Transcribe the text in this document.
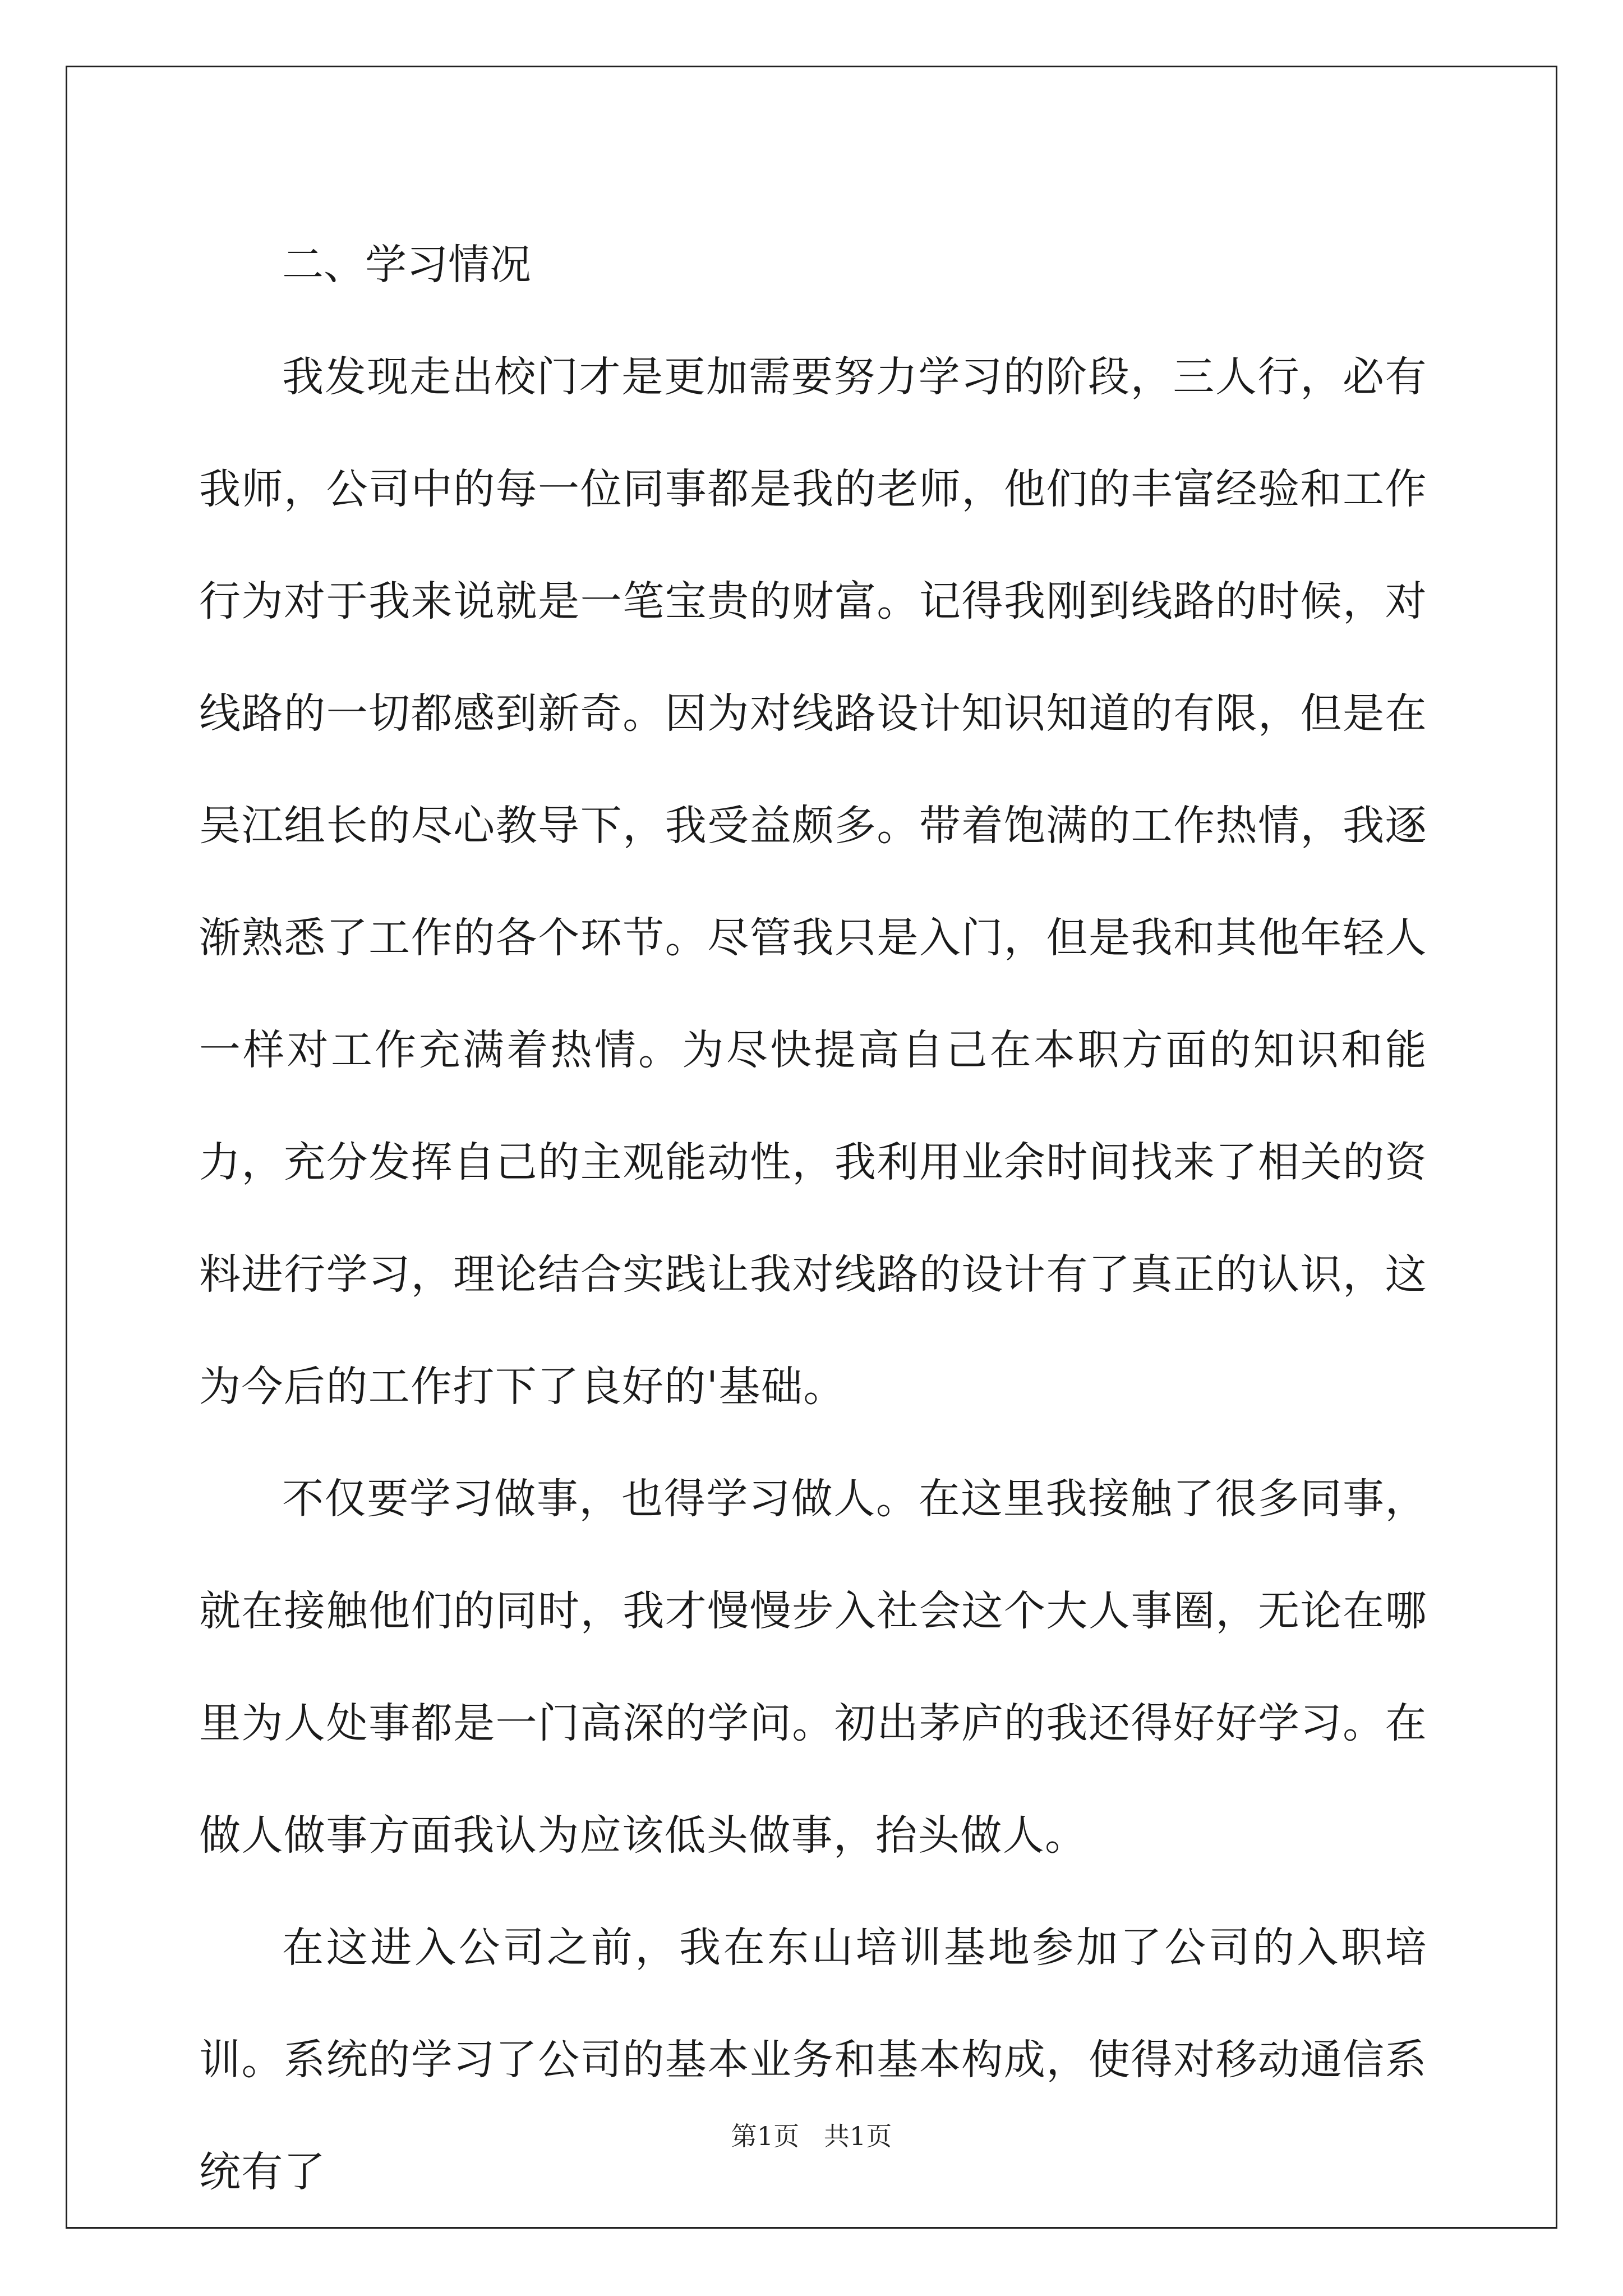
二、学习情况

我发现走出校门才是更加需要努力学习的阶段，三人行，必有我师，公司中的每一位同事都是我的老师，他们的丰富经验和工作行为对于我来说就是一笔宝贵的财富。记得我刚到线路的时候，对线路的一切都感到新奇。因为对线路设计知识知道的有限，但是在吴江组长的尽心教导下，我受益颇多。带着饱满的工作热情，我逐渐熟悉了工作的各个环节。尽管我只是入门，但是我和其他年轻人一样对工作充满着热情。为尽快提高自己在本职方面的知识和能力，充分发挥自己的主观能动性，我利用业余时间找来了相关的资料进行学习，理论结合实践让我对线路的设计有了真正的认识，这为今后的工作打下了良好的'基础。

不仅要学习做事，也得学习做人。在这里我接触了很多同事，就在接触他们的同时，我才慢慢步入社会这个大人事圈，无论在哪里为人处事都是一门高深的学问。初出茅庐的我还得好好学习。在做人做事方面我认为应该低头做事，抬头做人。

在这进入公司之前，我在东山培训基地参加了公司的入职培训。系统的学习了公司的基本业务和基本构成，使得对移动通信系统有了

第1页   共1页
